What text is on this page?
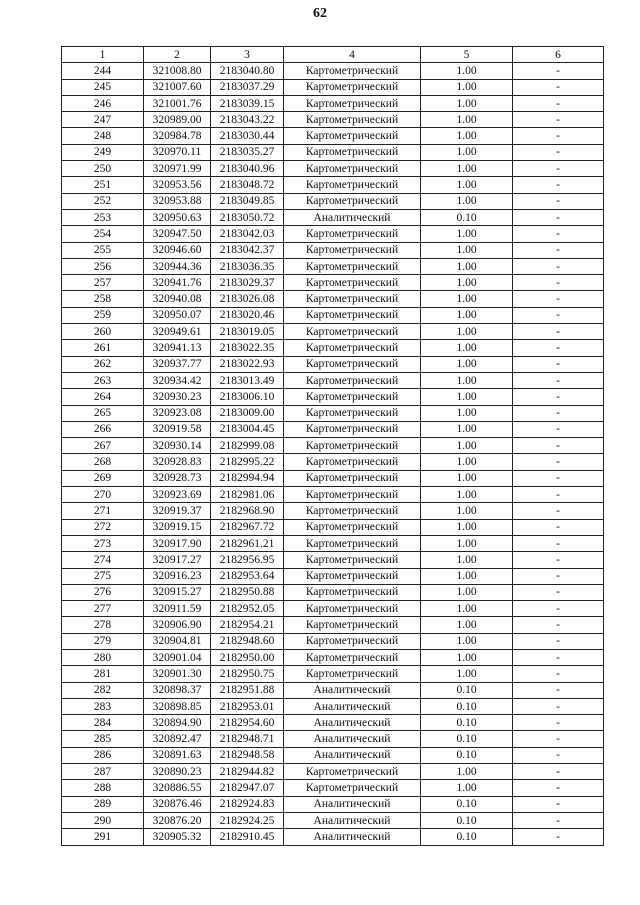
62
1	2	3	4	5	6
244	321008.80	2183040.80	Картометрический	1.00	-
245	321007.60	2183037.29	Картометрический	1.00	-
246	321001.76	2183039.15	Картометрический	1.00	-
247	320989.00	2183043.22	Картометрический	1.00	-
248	320984.78	2183030.44	Картометрический	1.00	-
249	320970.11	2183035.27	Картометрический	1.00	-
250	320971.99	2183040.96	Картометрический	1.00	-
251	320953.56	2183048.72	Картометрический	1.00	-
252	320953.88	2183049.85	Картометрический	1.00	-
253	320950.63	2183050.72	Аналитический	0.10	-
254	320947.50	2183042.03	Картометрический	1.00	-
255	320946.60	2183042.37	Картометрический	1.00	-
256	320944.36	2183036.35	Картометрический	1.00	-
257	320941.76	2183029.37	Картометрический	1.00	-
258	320940.08	2183026.08	Картометрический	1.00	-
259	320950.07	2183020.46	Картометрический	1.00	-
260	320949.61	2183019.05	Картометрический	1.00	-
261	320941.13	2183022.35	Картометрический	1.00	-
262	320937.77	2183022.93	Картометрический	1.00	-
263	320934.42	2183013.49	Картометрический	1.00	-
264	320930.23	2183006.10	Картометрический	1.00	-
265	320923.08	2183009.00	Картометрический	1.00	-
266	320919.58	2183004.45	Картометрический	1.00	-
267	320930.14	2182999.08	Картометрический	1.00	-
268	320928.83	2182995.22	Картометрический	1.00	-
269	320928.73	2182994.94	Картометрический	1.00	-
270	320923.69	2182981.06	Картометрический	1.00	-
271	320919.37	2182968.90	Картометрический	1.00	-
272	320919.15	2182967.72	Картометрический	1.00	-
273	320917.90	2182961.21	Картометрический	1.00	-
274	320917.27	2182956.95	Картометрический	1.00	-
275	320916.23	2182953.64	Картометрический	1.00	-
276	320915.27	2182950.88	Картометрический	1.00	-
277	320911.59	2182952.05	Картометрический	1.00	-
278	320906.90	2182954.21	Картометрический	1.00	-
279	320904.81	2182948.60	Картометрический	1.00	-
280	320901.04	2182950.00	Картометрический	1.00	-
281	320901.30	2182950.75	Картометрический	1.00	-
282	320898.37	2182951.88	Аналитический	0.10	-
283	320898.85	2182953.01	Аналитический	0.10	-
284	320894.90	2182954.60	Аналитический	0.10	-
285	320892.47	2182948.71	Аналитический	0.10	-
286	320891.63	2182948.58	Аналитический	0.10	-
287	320890.23	2182944.82	Картометрический	1.00	-
288	320886.55	2182947.07	Картометрический	1.00	-
289	320876.46	2182924.83	Аналитический	0.10	-
290	320876.20	2182924.25	Аналитический	0.10	-
291	320905.32	2182910.45	Аналитический	0.10	-
